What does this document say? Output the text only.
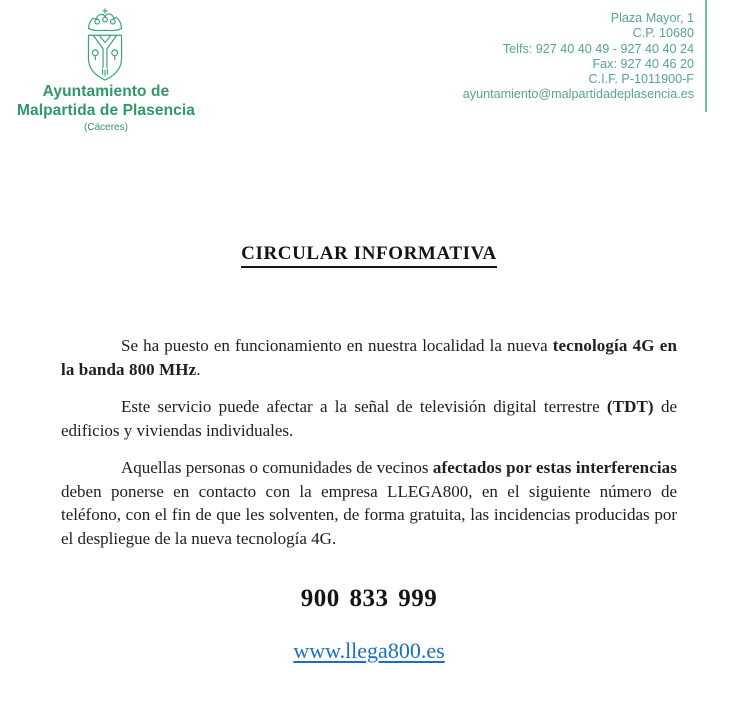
Ayuntamiento de
Malpartida de Plasencia
(Cáceres)
Plaza Mayor, 1
C.P. 10680
Telfs: 927 40 40 49 - 927 40 40 24
Fax: 927 40 46 20
C.I.F. P-1011900-F
ayuntamiento@malpartidadeplasencia.es
CIRCULAR INFORMATIVA

Se ha puesto en funcionamiento en nuestra localidad la nueva tecnología 4G en la banda 800 MHz.

Este servicio puede afectar a la señal de televisión digital terrestre (TDT) de edificios y viviendas individuales.

Aquellas personas o comunidades de vecinos afectados por estas interferencias deben ponerse en contacto con la empresa LLEGA800, en el siguiente número de teléfono, con el fin de que les solventen, de forma gratuita, las incidencias producidas por el despliegue de la nueva tecnología 4G.

900 833 999
www.llega800.es
